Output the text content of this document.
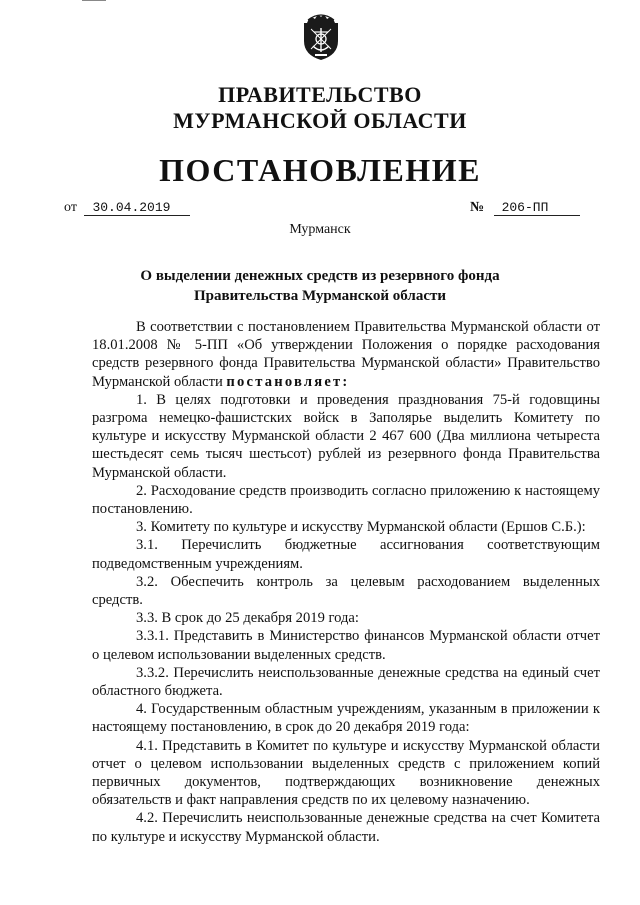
ПРАВИТЕЛЬСТВО
МУРМАНСКОЙ ОБЛАСТИ
ПОСТАНОВЛЕНИЕ
от 30.04.2019	№ 206-ПП
Мурманск
О выделении денежных средств из резервного фонда
Правительства Мурманской области

В соответствии с постановлением Правительства Мурманской области от 18.01.2008 № 5-ПП «Об утверждении Положения о порядке расходования средств резервного фонда Правительства Мурманской области» Правительство Мурманской области постановляет:

1. В целях подготовки и проведения празднования 75-й годовщины разгрома немецко-фашистских войск в Заполярье выделить Комитету по культуре и искусству Мурманской области 2 467 600 (Два миллиона четыреста шестьдесят семь тысяч шестьсот) рублей из резервного фонда Правительства Мурманской области.

2. Расходование средств производить согласно приложению к настоящему постановлению.

3. Комитету по культуре и искусству Мурманской области (Ершов С.Б.):

3.1. Перечислить бюджетные ассигнования соответствующим подведомственным учреждениям.

3.2. Обеспечить контроль за целевым расходованием выделенных средств.

3.3. В срок до 25 декабря 2019 года:

3.3.1. Представить в Министерство финансов Мурманской области отчет о целевом использовании выделенных средств.

3.3.2. Перечислить неиспользованные денежные средства на единый счет областного бюджета.

4. Государственным областным учреждениям, указанным в приложении к настоящему постановлению, в срок до 20 декабря 2019 года:

4.1. Представить в Комитет по культуре и искусству Мурманской области отчет о целевом использовании выделенных средств с приложением копий первичных документов, подтверждающих возникновение денежных обязательств и факт направления средств по их целевому назначению.

4.2. Перечислить неиспользованные денежные средства на счет Комитета по культуре и искусству Мурманской области.
